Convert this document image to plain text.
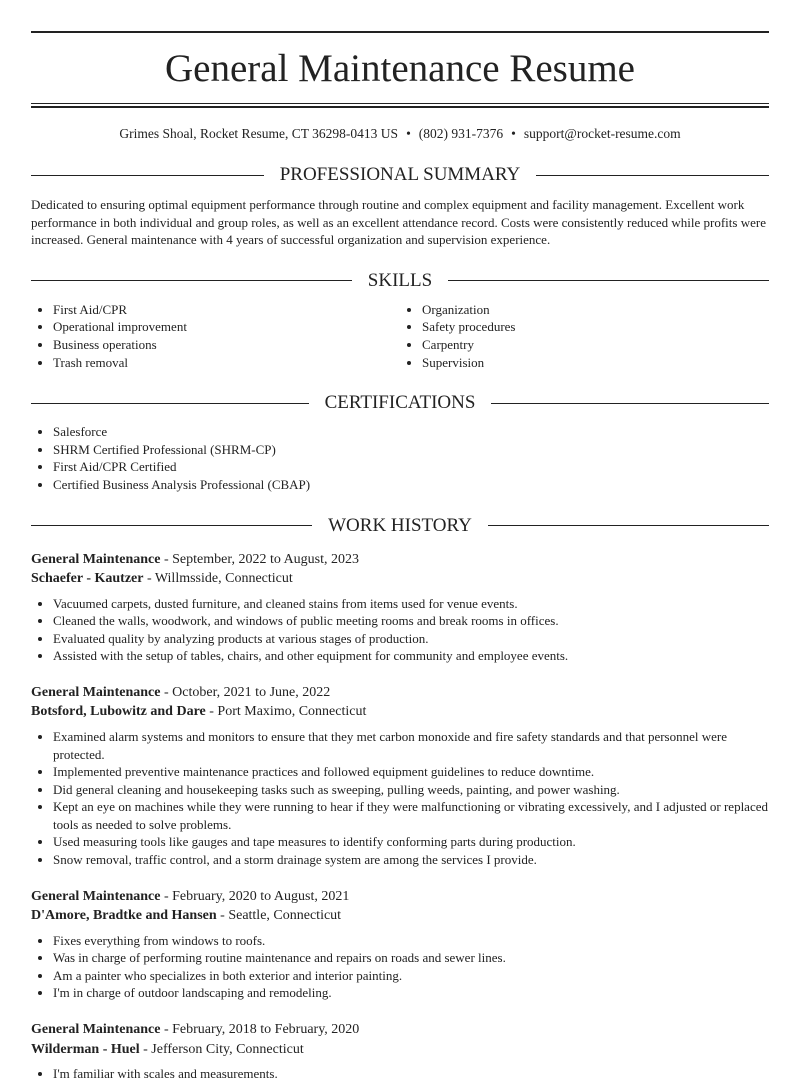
General Maintenance Resume
Grimes Shoal, Rocket Resume, CT 36298-0413 US • (802) 931-7376 • support@rocket-resume.com
PROFESSIONAL SUMMARY

Dedicated to ensuring optimal equipment performance through routine and complex equipment and facility management. Excellent work performance in both individual and group roles, as well as an excellent attendance record. Costs were consistently reduced while profits were increased. General maintenance with 4 years of successful organization and supervision experience.

SKILLS
• First Aid/CPR
• Operational improvement
• Business operations
• Trash removal
• Organization
• Safety procedures
• Carpentry
• Supervision
CERTIFICATIONS
• Salesforce
• SHRM Certified Professional (SHRM-CP)
• First Aid/CPR Certified
• Certified Business Analysis Professional (CBAP)
WORK HISTORY
General Maintenance - September, 2022 to August, 2023
Schaefer - Kautzer - Willmsside, Connecticut
• Vacuumed carpets, dusted furniture, and cleaned stains from items used for venue events.
• Cleaned the walls, woodwork, and windows of public meeting rooms and break rooms in offices.
• Evaluated quality by analyzing products at various stages of production.
• Assisted with the setup of tables, chairs, and other equipment for community and employee events.
General Maintenance - October, 2021 to June, 2022
Botsford, Lubowitz and Dare - Port Maximo, Connecticut
• Examined alarm systems and monitors to ensure that they met carbon monoxide and fire safety standards and that personnel were protected.
• Implemented preventive maintenance practices and followed equipment guidelines to reduce downtime.
• Did general cleaning and housekeeping tasks such as sweeping, pulling weeds, painting, and power washing.
• Kept an eye on machines while they were running to hear if they were malfunctioning or vibrating excessively, and I adjusted or replaced tools as needed to solve problems.
• Used measuring tools like gauges and tape measures to identify conforming parts during production.
• Snow removal, traffic control, and a storm drainage system are among the services I provide.
General Maintenance - February, 2020 to August, 2021
D'Amore, Bradtke and Hansen - Seattle, Connecticut
• Fixes everything from windows to roofs.
• Was in charge of performing routine maintenance and repairs on roads and sewer lines.
• Am a painter who specializes in both exterior and interior painting.
• I'm in charge of outdoor landscaping and remodeling.
General Maintenance - February, 2018 to February, 2020
Wilderman - Huel - Jefferson City, Connecticut
• I'm familiar with scales and measurements.
